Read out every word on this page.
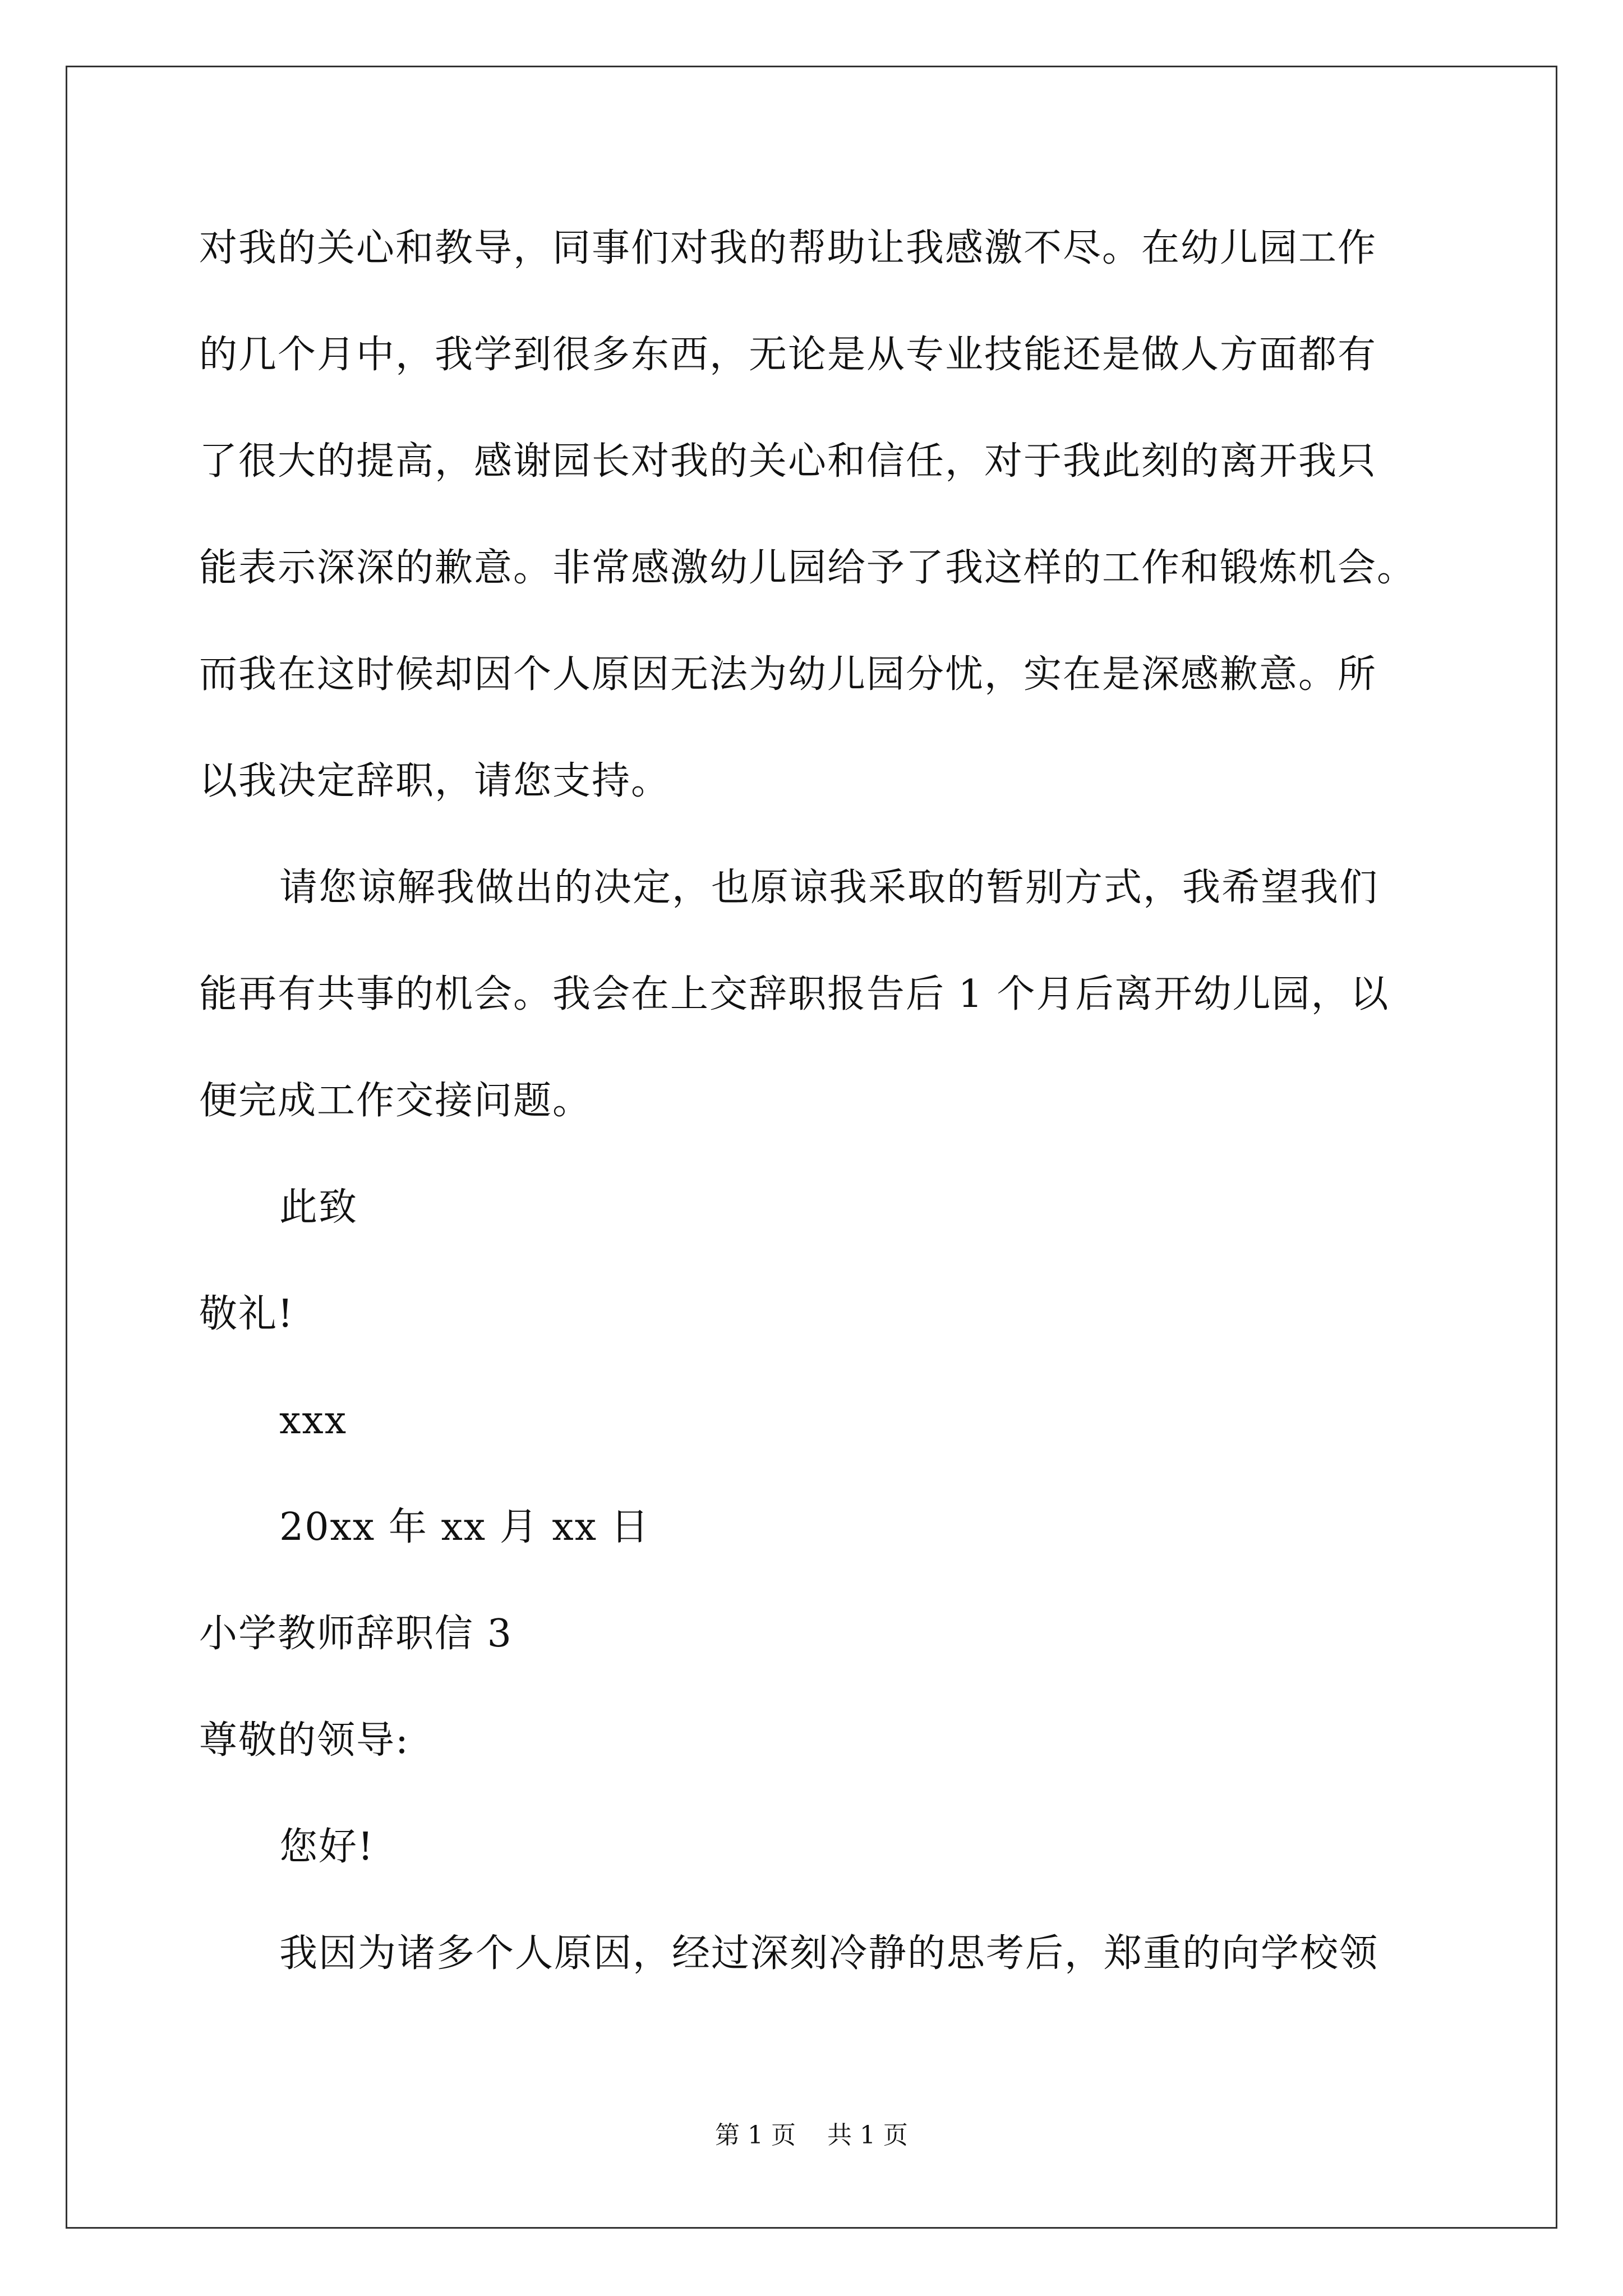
对我的关心和教导，同事们对我的帮助让我感激不尽。在幼儿园工作
的几个月中，我学到很多东西，无论是从专业技能还是做人方面都有
了很大的提高，感谢园长对我的关心和信任，对于我此刻的离开我只
能表示深深的歉意。非常感激幼儿园给予了我这样的工作和锻炼机会。
而我在这时候却因个人原因无法为幼儿园分忧，实在是深感歉意。所
以我决定辞职，请您支持。
请您谅解我做出的决定，也原谅我采取的暂别方式，我希望我们
能再有共事的机会。我会在上交辞职报告后 1 个月后离开幼儿园，以
便完成工作交接问题。
此致
敬礼!
xxx
20xx 年 xx 月 xx 日
小学教师辞职信 3
尊敬的领导:
您好!
我因为诸多个人原因，经过深刻冷静的思考后，郑重的向学校领
第 1 页    共 1 页
